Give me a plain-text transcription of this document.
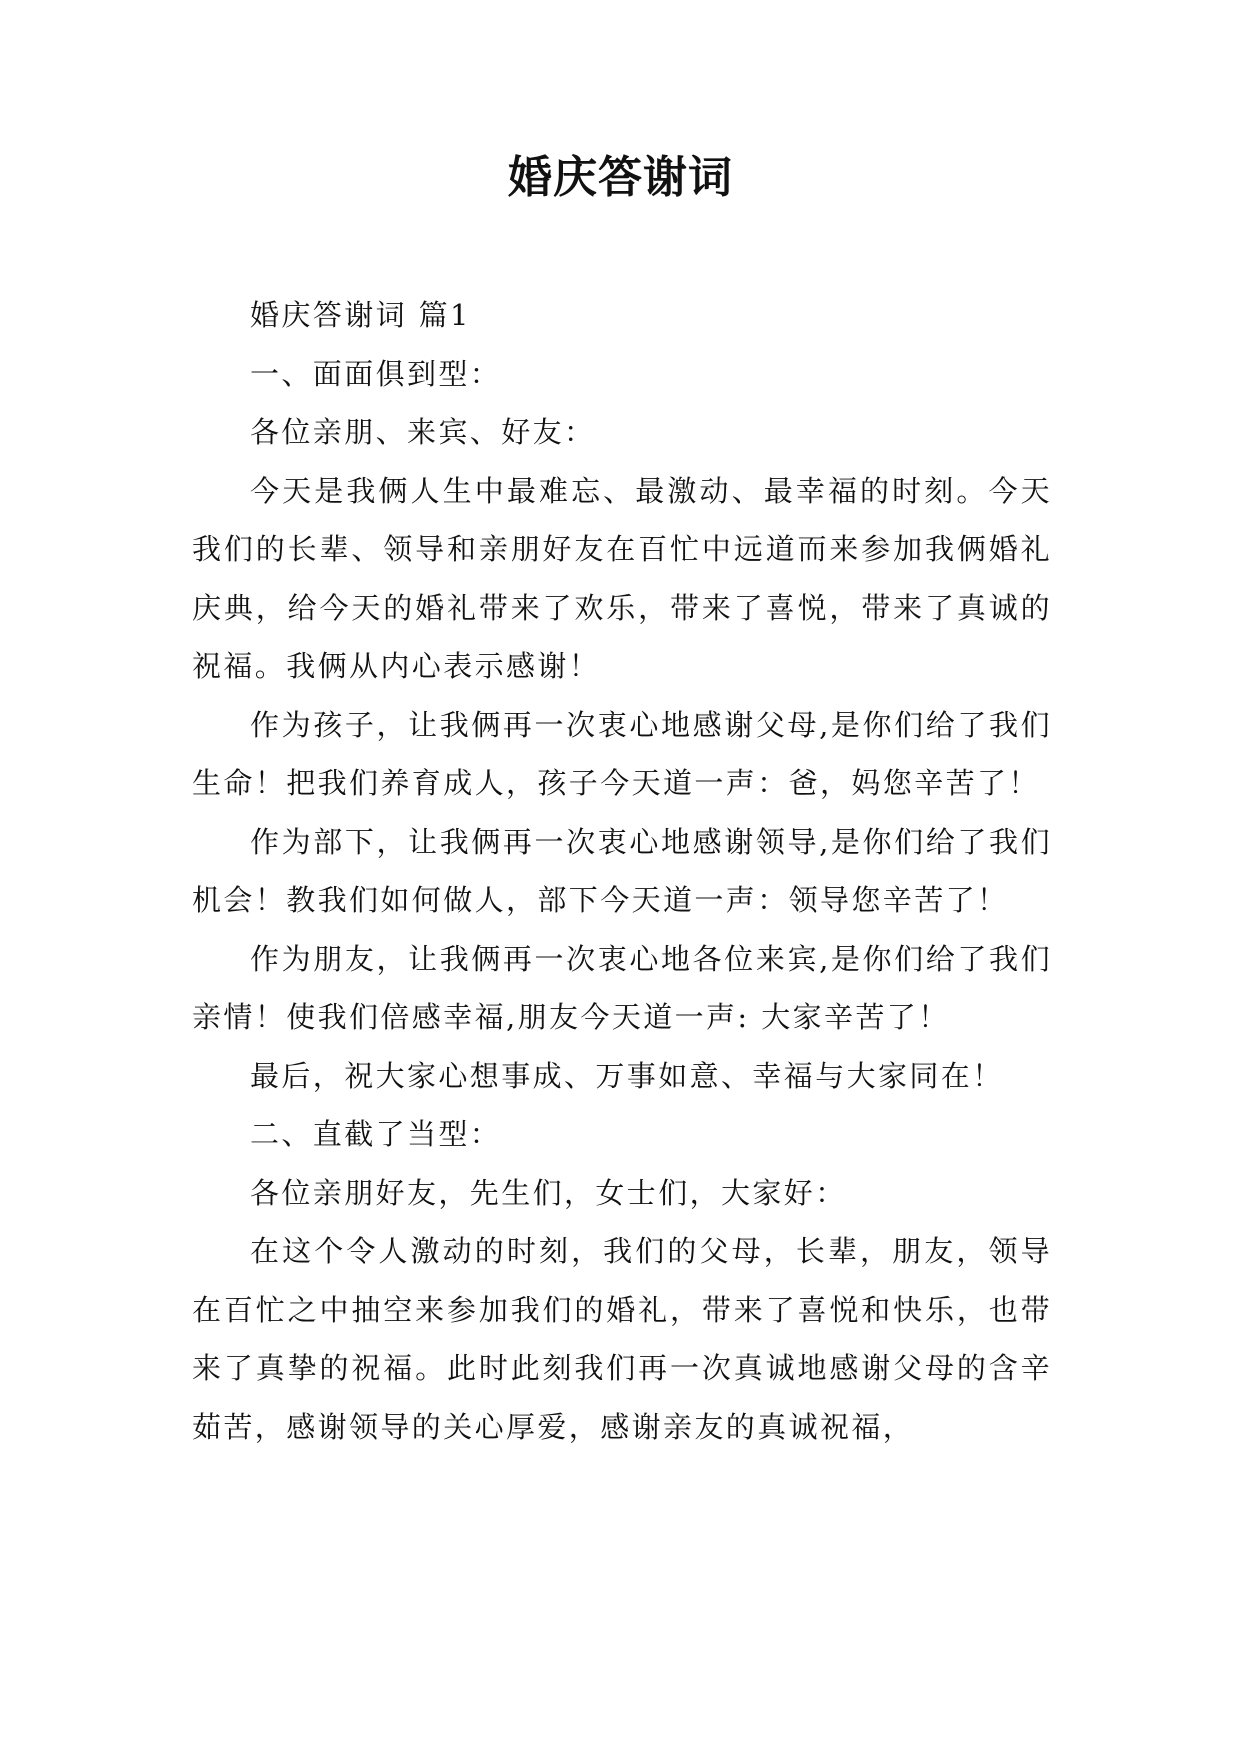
婚庆答谢词

婚庆答谢词 篇1

一、面面俱到型：

各位亲朋、来宾、好友：

今天是我俩人生中最难忘、最激动、最幸福的时刻。今天我们的长辈、领导和亲朋好友在百忙中远道而来参加我俩婚礼庆典，给今天的婚礼带来了欢乐，带来了喜悦，带来了真诚的祝福。我俩从内心表示感谢！

作为孩子，让我俩再一次衷心地感谢父母,是你们给了我们生命！把我们养育成人，孩子今天道一声：爸，妈您辛苦了！

作为部下，让我俩再一次衷心地感谢领导,是你们给了我们机会！教我们如何做人，部下今天道一声：领导您辛苦了！

作为朋友，让我俩再一次衷心地各位来宾,是你们给了我们亲情！使我们倍感幸福,朋友今天道一声: 大家辛苦了！

最后，祝大家心想事成、万事如意、幸福与大家同在！

二、直截了当型：

各位亲朋好友，先生们，女士们，大家好：

在这个令人激动的时刻，我们的父母，长辈，朋友，领导在百忙之中抽空来参加我们的婚礼，带来了喜悦和快乐，也带来了真挚的祝福。此时此刻我们再一次真诚地感谢父母的含辛茹苦，感谢领导的关心厚爱，感谢亲友的真诚祝福，
